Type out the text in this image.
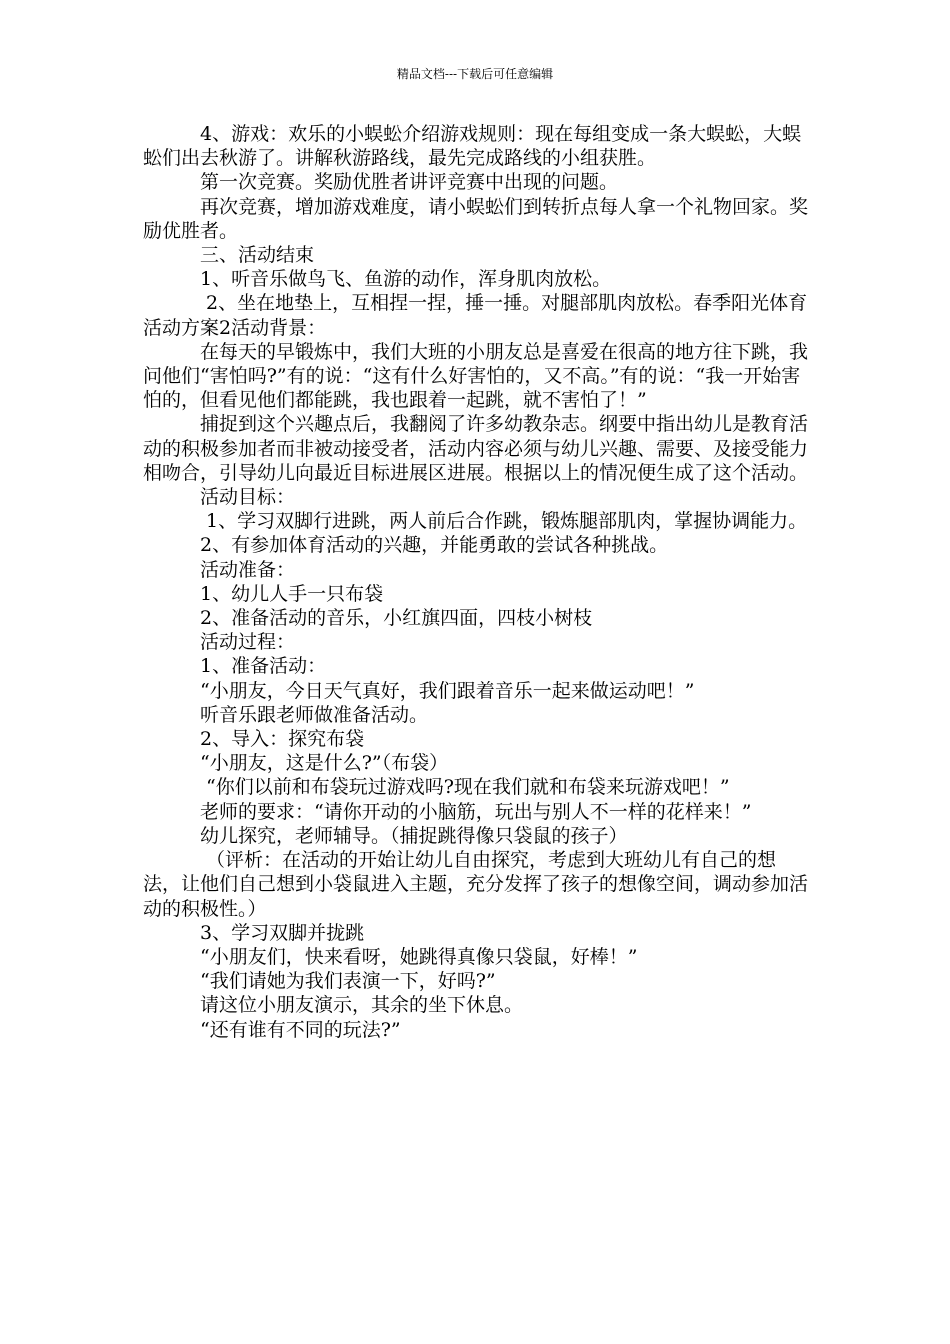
精品文档---下载后可任意编辑

4、游戏：欢乐的小蜈蚣介绍游戏规则：现在每组变成一条大蜈蚣，大蜈蚣们出去秋游了。讲解秋游路线，最先完成路线的小组获胜。

第一次竞赛。奖励优胜者讲评竞赛中出现的问题。

再次竞赛，增加游戏难度，请小蜈蚣们到转折点每人拿一个礼物回家。奖励优胜者。

三、活动结束

1、听音乐做鸟飞、鱼游的动作，浑身肌肉放松。

2、坐在地垫上，互相捏一捏，捶一捶。对腿部肌肉放松。春季阳光体育活动方案2活动背景：

在每天的早锻炼中，我们大班的小朋友总是喜爱在很高的地方往下跳，我问他们“害怕吗?”有的说：“这有什么好害怕的，又不高。”有的说：“我一开始害怕的，但看见他们都能跳，我也跟着一起跳，就不害怕了！”

捕捉到这个兴趣点后，我翻阅了许多幼教杂志。纲要中指出幼儿是教育活动的积极参加者而非被动接受者，活动内容必须与幼儿兴趣、需要、及接受能力相吻合，引导幼儿向最近目标进展区进展。根据以上的情况便生成了这个活动。

活动目标：

1、学习双脚行进跳，两人前后合作跳，锻炼腿部肌肉，掌握协调能力。

2、有参加体育活动的兴趣，并能勇敢的尝试各种挑战。

活动准备：

1、幼儿人手一只布袋

2、准备活动的音乐，小红旗四面，四枝小树枝

活动过程：

1、准备活动：

“小朋友，今日天气真好，我们跟着音乐一起来做运动吧！”

听音乐跟老师做准备活动。

2、导入：探究布袋

“小朋友，这是什么?”（布袋）

“你们以前和布袋玩过游戏吗?现在我们就和布袋来玩游戏吧！”

老师的要求：“请你开动的小脑筋，玩出与别人不一样的花样来！”

幼儿探究，老师辅导。（捕捉跳得像只袋鼠的孩子）

（评析：在活动的开始让幼儿自由探究，考虑到大班幼儿有自己的想法，让他们自己想到小袋鼠进入主题，充分发挥了孩子的想像空间，调动参加活动的积极性。）

3、学习双脚并拢跳

“小朋友们，快来看呀，她跳得真像只袋鼠，好棒！”

“我们请她为我们表演一下，好吗?”

请这位小朋友演示，其余的坐下休息。

“还有谁有不同的玩法?”
